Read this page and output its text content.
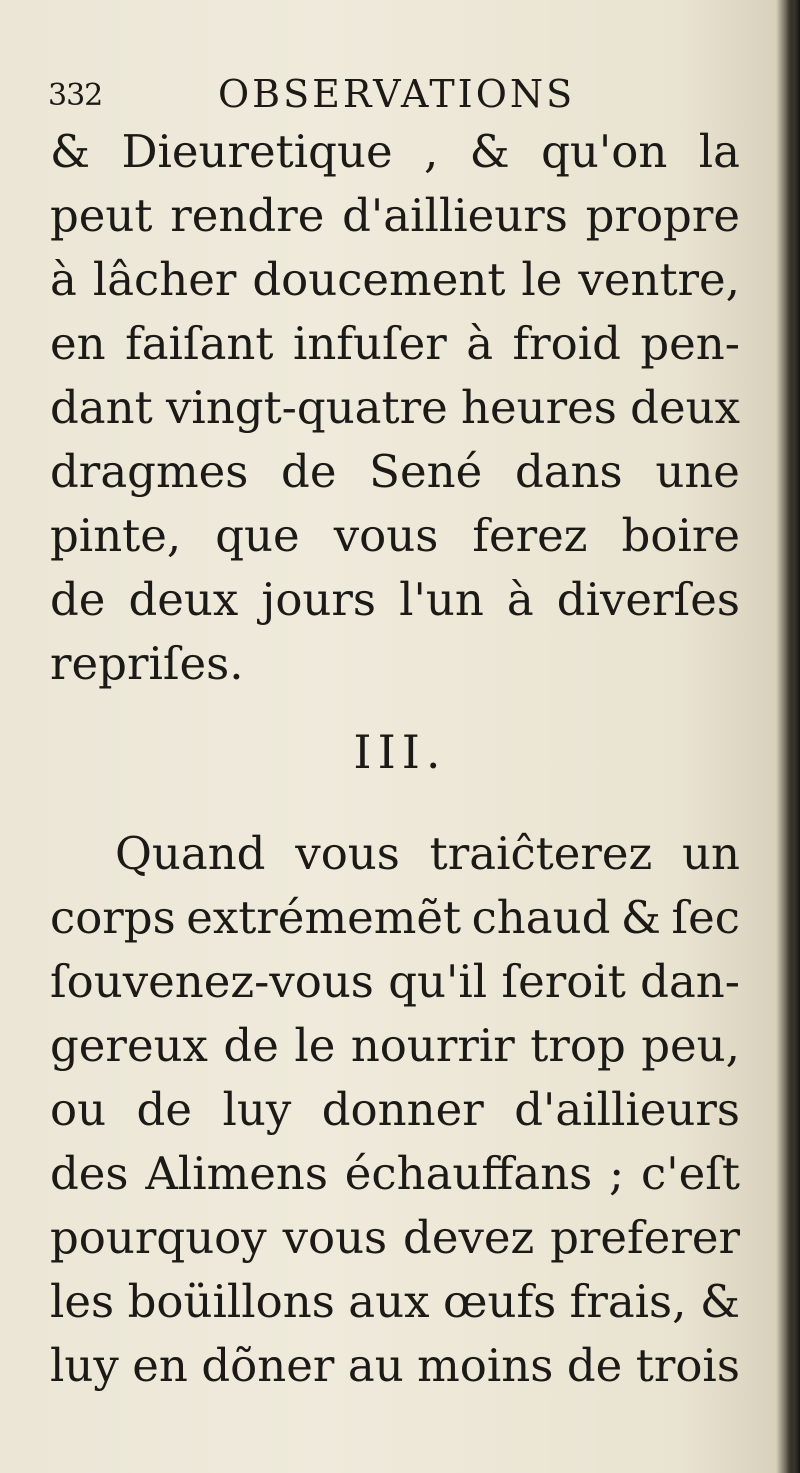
332	OBSERVATIONS
& Dieuretique , & qu'on la
peut rendre d'aillieurs propre
à lâcher doucement le ventre,
en faiſant infuſer à froid pen-
dant vingt-quatre heures deux
dragmes de Sené dans une
pinte, que vous ferez boire
de deux jours l'un à diverſes
repriſes.
III.
Quand vous traiĉterez un
corps extrémemẽt chaud & ſec
ſouvenez-vous qu'il ſeroit dan-
gereux de le nourrir trop peu,
ou de luy donner d'aillieurs
des Alimens échauffans ; c'eſt
pourquoy vous devez preferer
les boüillons aux œufs frais, &
luy en dõner au moins de trois
